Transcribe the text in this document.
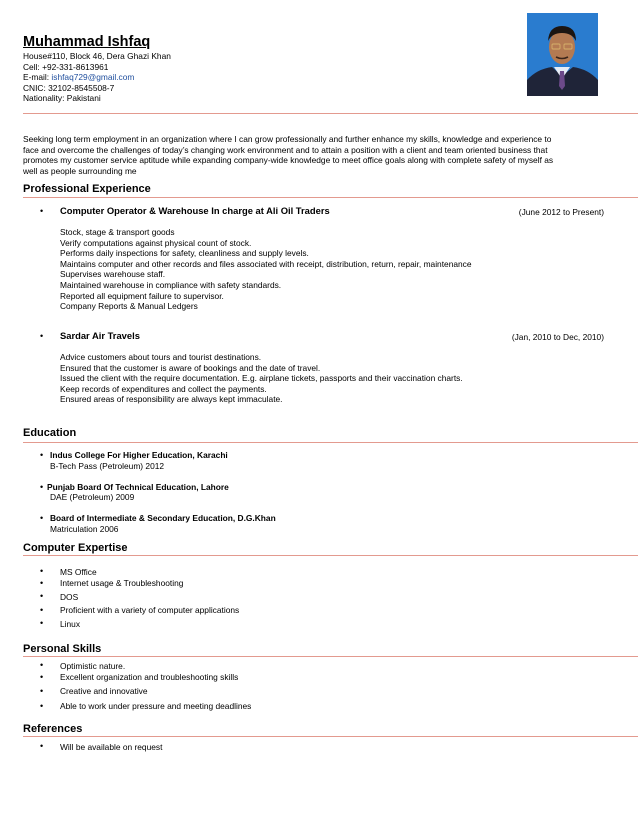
Muhammad Ishfaq
House#110, Block 46, Dera Ghazi Khan
Cell: +92-331-8613961
E-mail: ishfaq729@gmail.com
CNIC: 32102-8545508-7
Nationality: Pakistani
Seeking long term employment in an organization where I can grow professionally and further enhance my skills, knowledge and experience to
face and overcome the challenges of today’s changing work environment and to attain a position with a client and team oriented business that
promotes my customer service aptitude while expanding company-wide knowledge to meet office goals along with complete safety of myself as
well as people surrounding me
Professional Experience
• Computer Operator & Warehouse In charge at Ali Oil Traders	(June 2012 to Present)
Stock, stage & transport goods
Verify computations against physical count of stock.
Performs daily inspections for safety, cleanliness and supply levels.
Maintains computer and other records and files associated with receipt, distribution, return, repair, maintenance
Supervises warehouse staff.
Maintained warehouse in compliance with safety standards.
Reported all equipment failure to supervisor.
Company Reports & Manual Ledgers
• Sardar Air Travels	(Jan, 2010 to Dec, 2010)
Advice customers about tours and tourist destinations.
Ensured that the customer is aware of bookings and the date of travel.
Issued the client with the require documentation. E.g. airplane tickets, passports and their vaccination charts.
Keep records of expenditures and collect the payments.
Ensured areas of responsibility are always kept immaculate.
Education
• Indus College For Higher Education, Karachi
B-Tech Pass (Petroleum) 2012
• Punjab Board Of Technical Education, Lahore
DAE (Petroleum) 2009
• Board of Intermediate & Secondary Education, D.G.Khan
Matriculation 2006
Computer Expertise
• MS Office
• Internet usage & Troubleshooting
• DOS
• Proficient with a variety of computer applications
• Linux
Personal Skills
• Optimistic nature.
• Excellent organization and troubleshooting skills
• Creative and innovative
• Able to work under pressure and meeting deadlines
References
• Will be available on request
